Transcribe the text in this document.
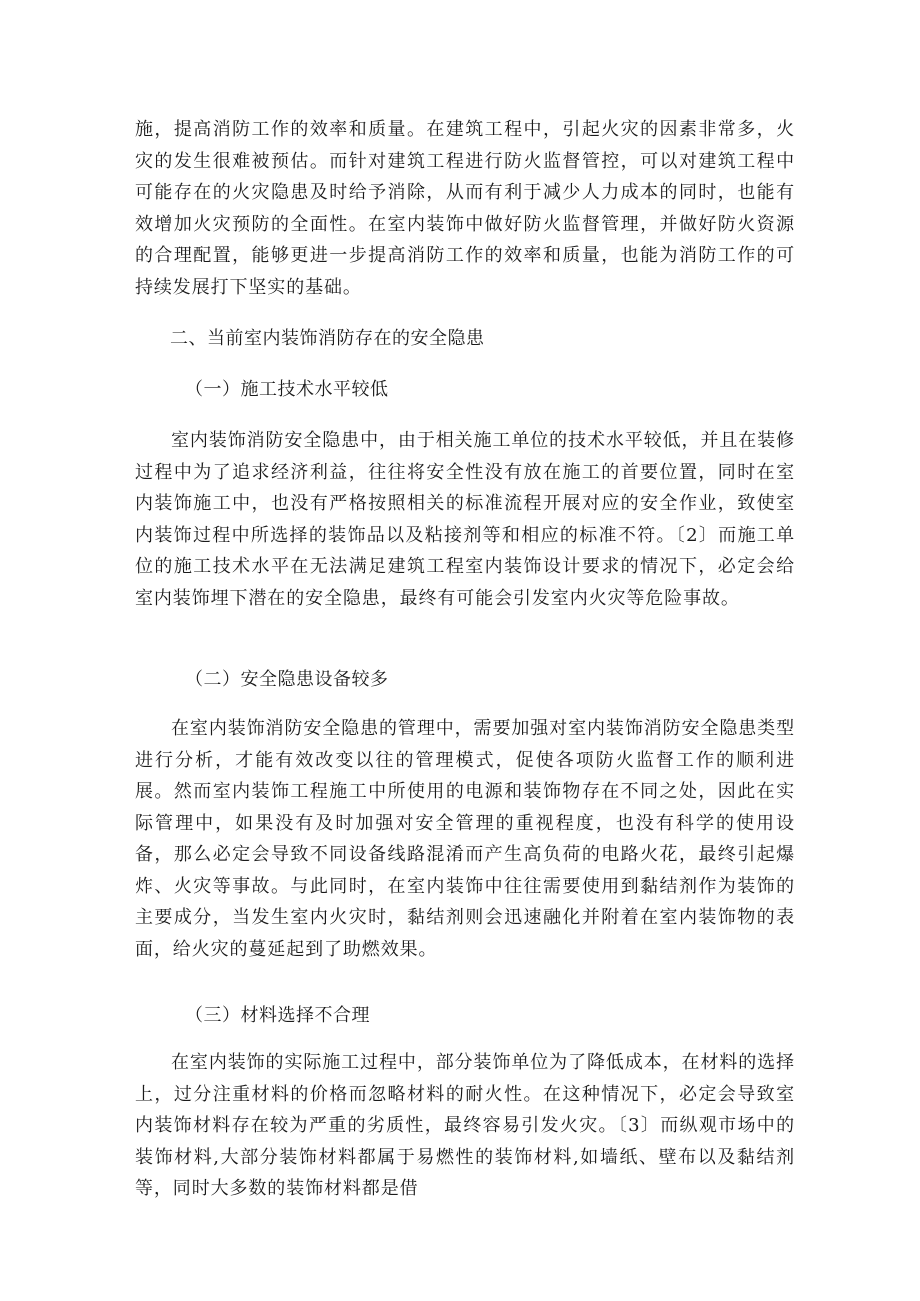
施，提高消防工作的效率和质量。在建筑工程中，引起火灾的因素非常多，火灾的发生很难被预估。而针对建筑工程进行防火监督管控，可以对建筑工程中可能存在的火灾隐患及时给予消除，从而有利于减少人力成本的同时，也能有效增加火灾预防的全面性。在室内装饰中做好防火监督管理，并做好防火资源的合理配置，能够更进一步提高消防工作的效率和质量，也能为消防工作的可持续发展打下坚实的基础。

二、当前室内装饰消防存在的安全隐患

（一）施工技术水平较低

室内装饰消防安全隐患中，由于相关施工单位的技术水平较低，并且在装修过程中为了追求经济利益，往往将安全性没有放在施工的首要位置，同时在室内装饰施工中，也没有严格按照相关的标准流程开展对应的安全作业，致使室内装饰过程中所选择的装饰品以及粘接剂等和相应的标准不符。〔2〕而施工单位的施工技术水平在无法满足建筑工程室内装饰设计要求的情况下，必定会给室内装饰埋下潜在的安全隐患，最终有可能会引发室内火灾等危险事故。

（二）安全隐患设备较多

在室内装饰消防安全隐患的管理中，需要加强对室内装饰消防安全隐患类型进行分析，才能有效改变以往的管理模式，促使各项防火监督工作的顺利进展。然而室内装饰工程施工中所使用的电源和装饰物存在不同之处，因此在实际管理中，如果没有及时加强对安全管理的重视程度，也没有科学的使用设备，那么必定会导致不同设备线路混淆而产生高负荷的电路火花，最终引起爆炸、火灾等事故。与此同时，在室内装饰中往往需要使用到黏结剂作为装饰的主要成分，当发生室内火灾时，黏结剂则会迅速融化并附着在室内装饰物的表面，给火灾的蔓延起到了助燃效果。

（三）材料选择不合理

在室内装饰的实际施工过程中，部分装饰单位为了降低成本，在材料的选择上，过分注重材料的价格而忽略材料的耐火性。在这种情况下，必定会导致室内装饰材料存在较为严重的劣质性，最终容易引发火灾。〔3〕而纵观市场中的装饰材料,大部分装饰材料都属于易燃性的装饰材料,如墙纸、壁布以及黏结剂等，同时大多数的装饰材料都是借
